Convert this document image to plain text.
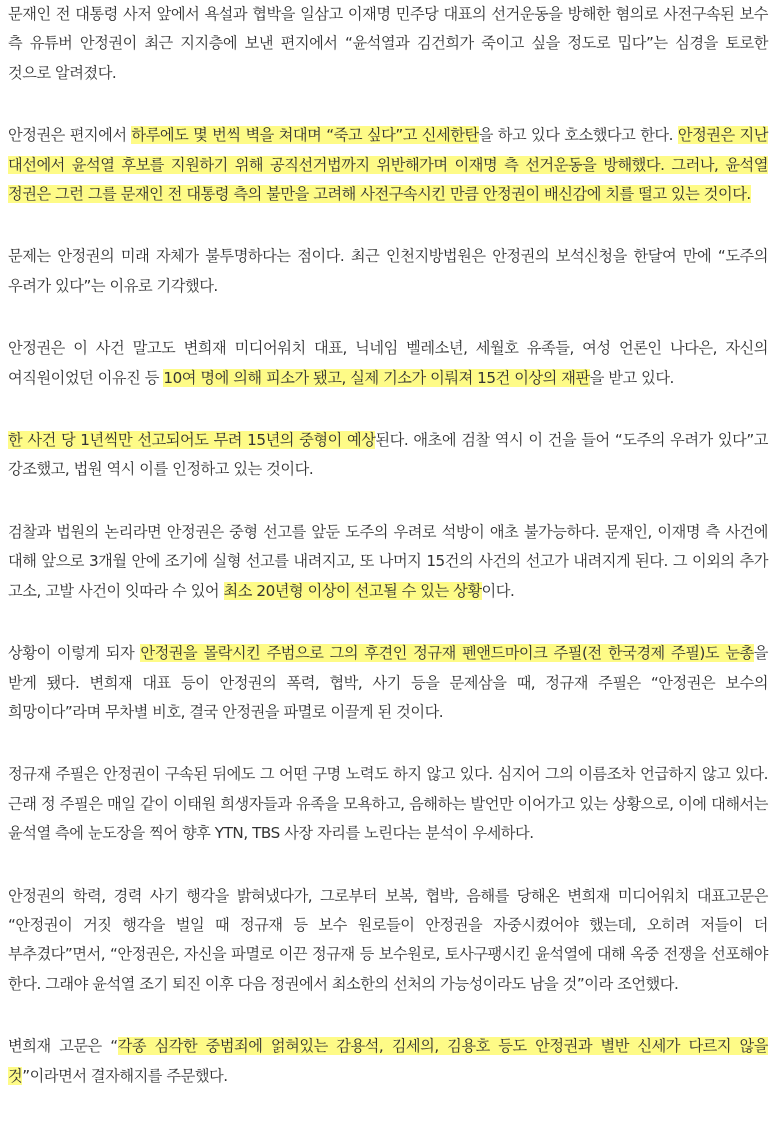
문재인 전 대통령 사저 앞에서 욕설과 협박을 일삼고 이재명 민주당 대표의 선거운동을 방해한 혐의로 사전구속된 보수 측 유튜버 안정권이 최근 지지층에 보낸 편지에서 “윤석열과 김건희가 죽이고 싶을 정도로 밉다”는 심경을 토로한 것으로 알려졌다.

안정권은 편지에서 하루에도 몇 번씩 벽을 쳐대며 “죽고 싶다”고 신세한탄을 하고 있다 호소했다고 한다. 안정권은 지난 대선에서 윤석열 후보를 지원하기 위해 공직선거법까지 위반해가며 이재명 측 선거운동을 방해했다. 그러나, 윤석열 정권은 그런 그를 문재인 전 대통령 측의 불만을 고려해 사전구속시킨 만큼 안정권이 배신감에 치를 떨고 있는 것이다.

문제는 안정권의 미래 자체가 불투명하다는 점이다. 최근 인천지방법원은 안정권의 보석신청을 한달여 만에 “도주의 우려가 있다”는 이유로 기각했다.

안정권은 이 사건 말고도 변희재 미디어워치 대표, 닉네임 벨레소년, 세월호 유족들, 여성 언론인 나다은, 자신의 여직원이었던 이유진 등 10여 명에 의해 피소가 됐고, 실제 기소가 이뤄져 15건 이상의 재판을 받고 있다.

한 사건 당 1년씩만 선고되어도 무려 15년의 중형이 예상된다. 애초에 검찰 역시 이 건을 들어 “도주의 우려가 있다”고 강조했고, 법원 역시 이를 인정하고 있는 것이다.

검찰과 법원의 논리라면 안정권은 중형 선고를 앞둔 도주의 우려로 석방이 애초 불가능하다. 문재인, 이재명 측 사건에 대해 앞으로 3개월 안에 조기에 실형 선고를 내려지고, 또 나머지 15건의 사건의 선고가 내려지게 된다. 그 이외의 추가 고소, 고발 사건이 잇따라 수 있어 최소 20년형 이상이 선고될 수 있는 상황이다.

상황이 이렇게 되자 안정권을 몰락시킨 주범으로 그의 후견인 정규재 펜앤드마이크 주필(전 한국경제 주필)도 눈총을 받게 됐다. 변희재 대표 등이 안정권의 폭력, 협박, 사기 등을 문제삼을 때, 정규재 주필은 “안정권은 보수의 희망이다”라며 무차별 비호, 결국 안정권을 파멸로 이끌게 된 것이다.

정규재 주필은 안정권이 구속된 뒤에도 그 어떤 구명 노력도 하지 않고 있다. 심지어 그의 이름조차 언급하지 않고 있다. 근래 정 주필은 매일 같이 이태원 희생자들과 유족을 모욕하고, 음해하는 발언만 이어가고 있는 상황으로, 이에 대해서는 윤석열 측에 눈도장을 찍어 향후 YTN, TBS 사장 자리를 노린다는 분석이 우세하다.

안정권의 학력, 경력 사기 행각을 밝혀냈다가, 그로부터 보복, 협박, 음해를 당해온 변희재 미디어워치 대표고문은 “안정권이 거짓 행각을 벌일 때 정규재 등 보수 원로들이 안정권을 자중시켰어야 했는데, 오히려 저들이 더 부추겼다”면서, “안정권은, 자신을 파멸로 이끈 정규재 등 보수원로, 토사구팽시킨 윤석열에 대해 옥중 전쟁을 선포해야 한다. 그래야 윤석열 조기 퇴진 이후 다음 정권에서 최소한의 선처의 가능성이라도 남을 것”이라 조언했다.

변희재 고문은 “각종 심각한 중범죄에 얽혀있는 감용석, 김세의, 김용호 등도 안정권과 별반 신세가 다르지 않을 것”이라면서 결자해지를 주문했다.
